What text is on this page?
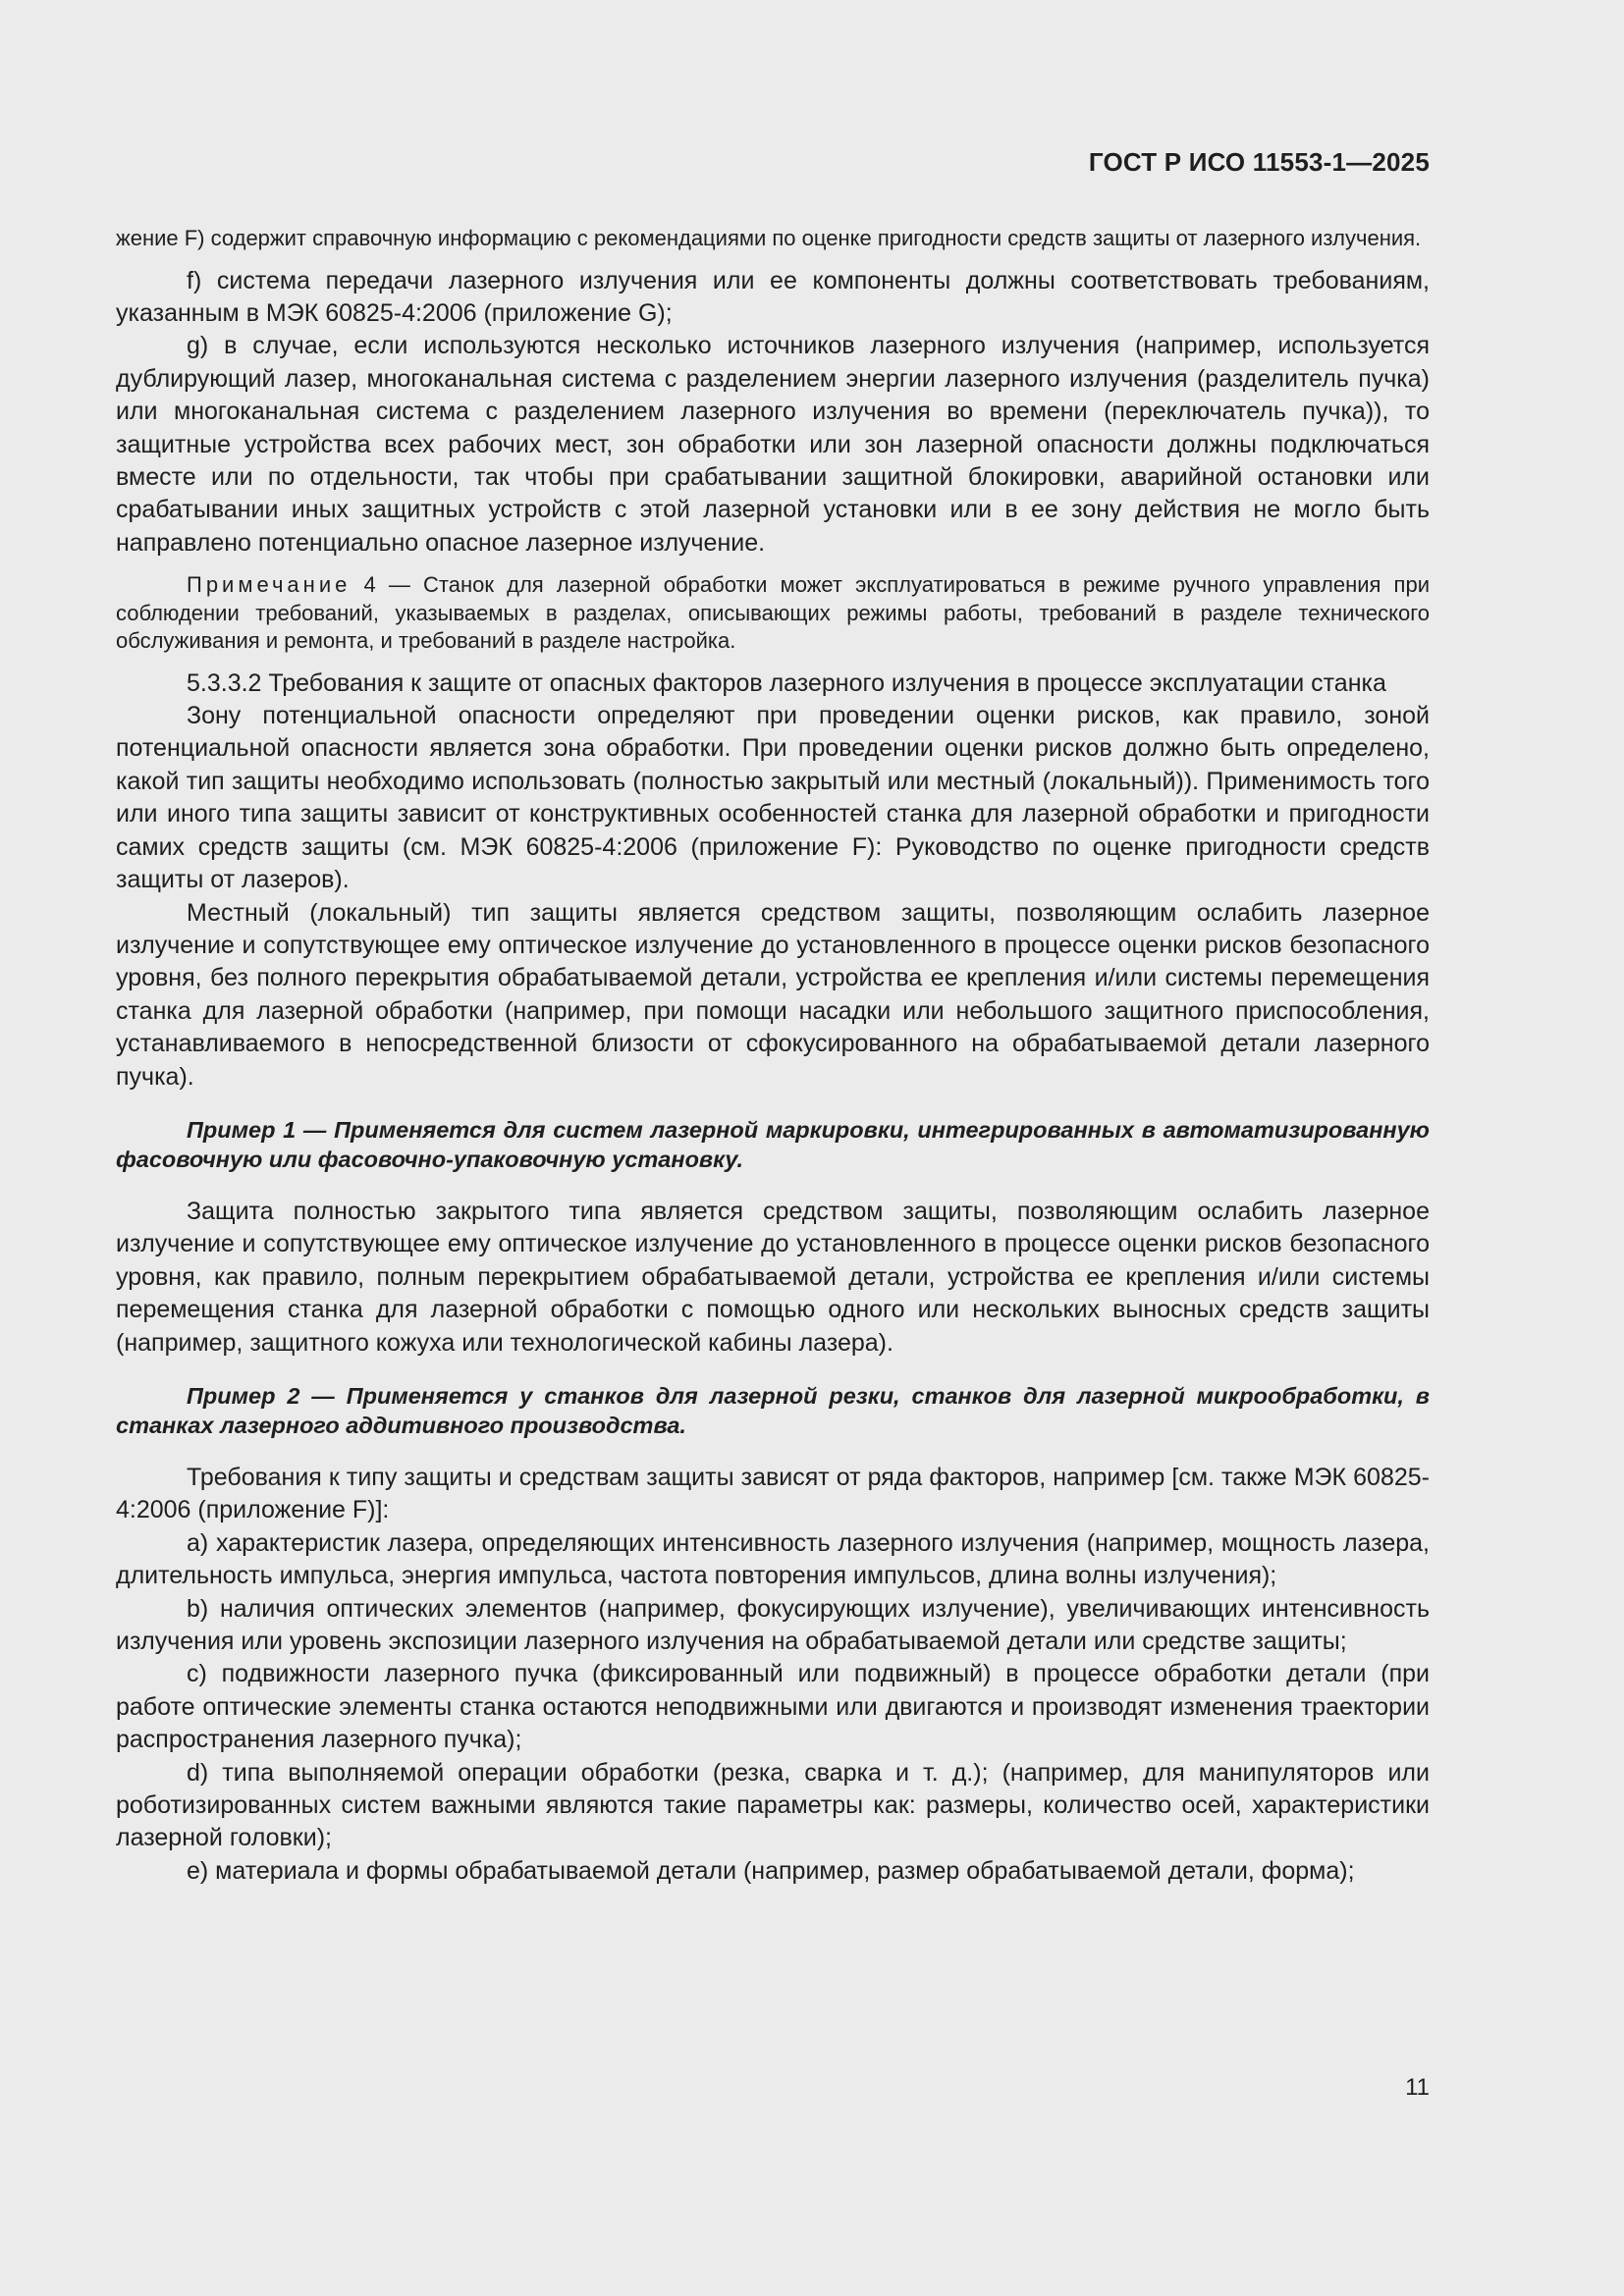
ГОСТ Р ИСО 11553-1—2025

жение F) содержит справочную информацию с рекомендациями по оценке пригодности средств защиты от лазерного излучения.

f) система передачи лазерного излучения или ее компоненты должны соответствовать требованиям, указанным в МЭК 60825-4:2006 (приложение G);

g) в случае, если используются несколько источников лазерного излучения (например, используется дублирующий лазер, многоканальная система с разделением энергии лазерного излучения (разделитель пучка) или многоканальная система с разделением лазерного излучения во времени (переключатель пучка)), то защитные устройства всех рабочих мест, зон обработки или зон лазерной опасности должны подключаться вместе или по отдельности, так чтобы при срабатывании защитной блокировки, аварийной остановки или срабатывании иных защитных устройств с этой лазерной установки или в ее зону действия не могло быть направлено потенциально опасное лазерное излучение.

Примечание 4 — Станок для лазерной обработки может эксплуатироваться в режиме ручного управления при соблюдении требований, указываемых в разделах, описывающих режимы работы, требований в разделе технического обслуживания и ремонта, и требований в разделе настройка.

5.3.3.2 Требования к защите от опасных факторов лазерного излучения в процессе эксплуатации станка

Зону потенциальной опасности определяют при проведении оценки рисков, как правило, зоной потенциальной опасности является зона обработки. При проведении оценки рисков должно быть определено, какой тип защиты необходимо использовать (полностью закрытый или местный (локальный)). Применимость того или иного типа защиты зависит от конструктивных особенностей станка для лазерной обработки и пригодности самих средств защиты (см. МЭК 60825-4:2006 (приложение F): Руководство по оценке пригодности средств защиты от лазеров).

Местный (локальный) тип защиты является средством защиты, позволяющим ослабить лазерное излучение и сопутствующее ему оптическое излучение до установленного в процессе оценки рисков безопасного уровня, без полного перекрытия обрабатываемой детали, устройства ее крепления и/или системы перемещения станка для лазерной обработки (например, при помощи насадки или небольшого защитного приспособления, устанавливаемого в непосредственной близости от сфокусированного на обрабатываемой детали лазерного пучка).

Пример 1 — Применяется для систем лазерной маркировки, интегрированных в автоматизированную фасовочную или фасовочно-упаковочную установку.

Защита полностью закрытого типа является средством защиты, позволяющим ослабить лазерное излучение и сопутствующее ему оптическое излучение до установленного в процессе оценки рисков безопасного уровня, как правило, полным перекрытием обрабатываемой детали, устройства ее крепления и/или системы перемещения станка для лазерной обработки с помощью одного или нескольких выносных средств защиты (например, защитного кожуха или технологической кабины лазера).

Пример 2 — Применяется у станков для лазерной резки, станков для лазерной микрообработки, в станках лазерного аддитивного производства.

Требования к типу защиты и средствам защиты зависят от ряда факторов, например [см. также МЭК 60825-4:2006 (приложение F)]:

a) характеристик лазера, определяющих интенсивность лазерного излучения (например, мощность лазера, длительность импульса, энергия импульса, частота повторения импульсов, длина волны излучения);

b) наличия оптических элементов (например, фокусирующих излучение), увеличивающих интенсивность излучения или уровень экспозиции лазерного излучения на обрабатываемой детали или средстве защиты;

c) подвижности лазерного пучка (фиксированный или подвижный) в процессе обработки детали (при работе оптические элементы станка остаются неподвижными или двигаются и производят изменения траектории распространения лазерного пучка);

d) типа выполняемой операции обработки (резка, сварка и т. д.); (например, для манипуляторов или роботизированных систем важными являются такие параметры как: размеры, количество осей, характеристики лазерной головки);

e) материала и формы обрабатываемой детали (например, размер обрабатываемой детали, форма);

11
